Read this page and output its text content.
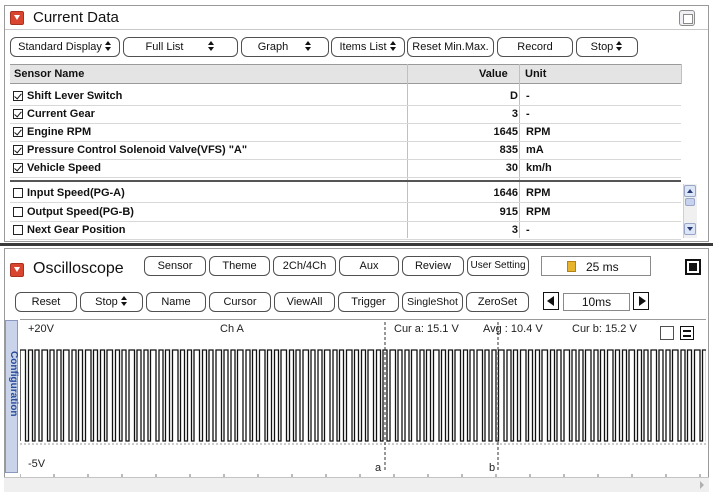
Current Data
Standard Display	Full List	Graph	Items List	Reset Min.Max.	Record	Stop
Sensor Name	Value Unit
Shift Lever Switch	D -
Current Gear	3 -
Engine RPM	1645 RPM
Pressure Control Solenoid Valve(VFS) "A"	835 mA
Vehicle Speed	30 km/h
Input Speed(PG-A)	1646 RPM
Output Speed(PG-B)	915 RPM
Next Gear Position	3 -
Oscilloscope	Sensor	Theme	2Ch/4Ch	Aux	Review	User Setting	25 ms
Reset	Stop	Name	Cursor	ViewAll	Trigger	SingleShot	ZeroSet	10ms
Configuration
+20V
-5V
Ch A	Cur a: 15.1 V Avg : 10.4 V	Cur b: 15.2 V
a	b
